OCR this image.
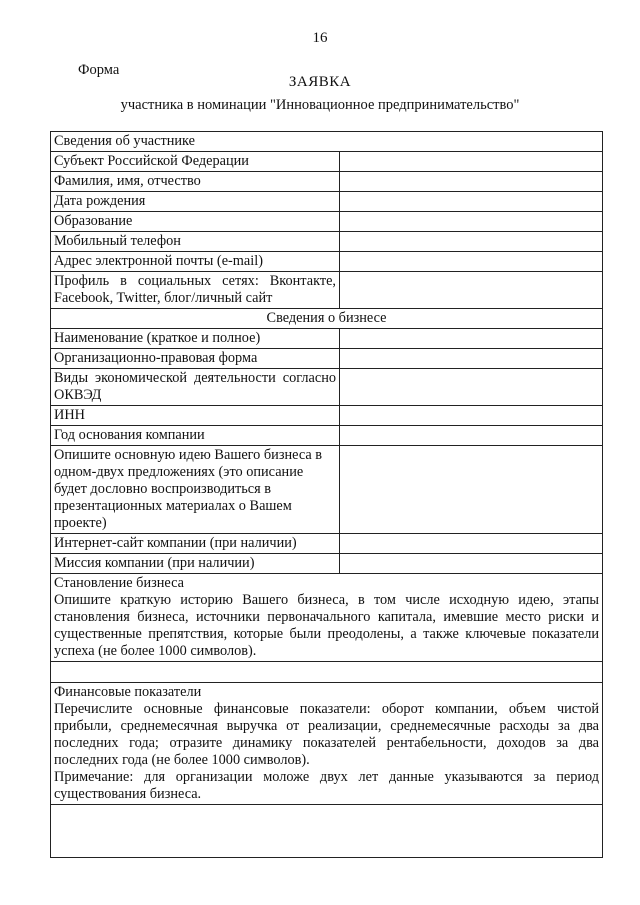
16
Форма
ЗАЯВКА
участника в номинации "Инновационное предпринимательство"
Сведения об участнике	
Субъект Российской Федерации	
Фамилия, имя, отчество	
Дата рождения	
Образование	
Мобильный телефон	
Адрес электронной почты (e-mail)	
Профиль в социальных сетях: Вконтакте, Facebook, Twitter, блог/личный сайт	
Сведения о бизнесе	
Наименование (краткое и полное)	
Организационно-правовая форма	
Виды экономической деятельности согласно ОКВЭД	
ИНН	
Год основания компании	
Опишите основную идею Вашего бизнеса в одном-двух предложениях (это описание будет дословно воспроизводиться в презентационных материалах о Вашем проекте)	
Интернет-сайт компании (при наличии)	
Миссия компании (при наличии)	

Становление бизнеса
Опишите краткую историю Вашего бизнеса, в том числе исходную идею, этапы становления бизнеса, источники первоначального капитала, имевшие место риски и существенные препятствия, которые были преодолены, а также ключевые показатели успеха (не более 1000 символов).	

Финансовые показатели
Перечислите основные финансовые показатели: оборот компании, объем чистой прибыли, среднемесячная выручка от реализации, среднемесячные расходы за два последних года; отразите динамику показателей рентабельности, доходов за два последних года (не более 1000 символов).
Примечание: для организации моложе двух лет данные указываются за период существования бизнеса.	
